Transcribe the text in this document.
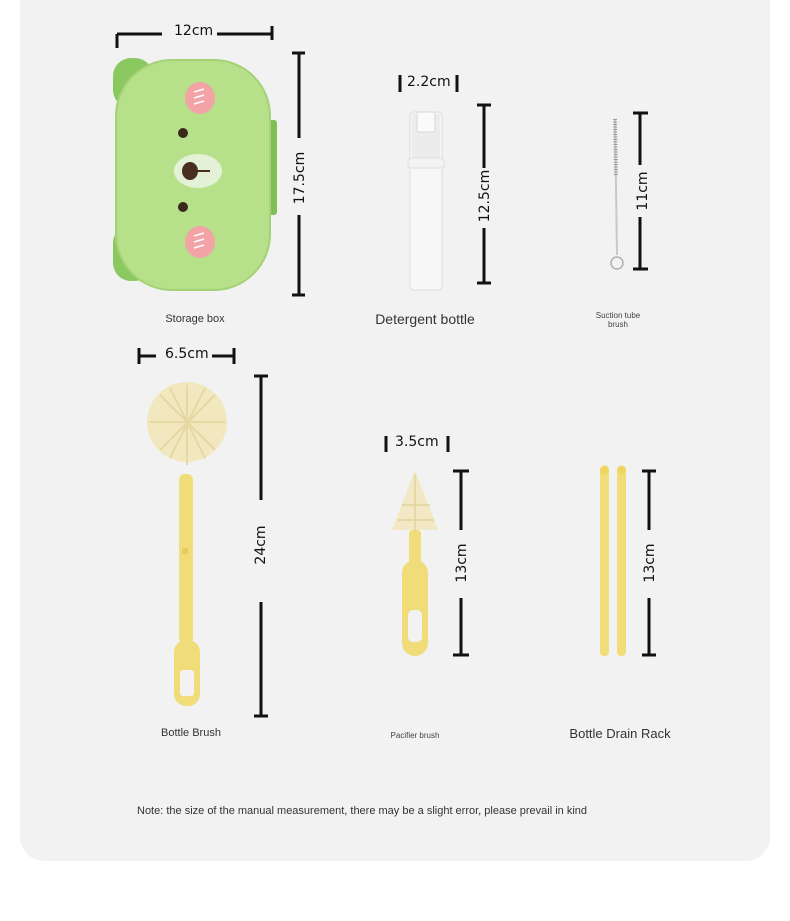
12cm
17.5cm
Storage box
2.2cm
12.5cm
Detergent bottle
11cm
Suction tube
brush
6.5cm
24cm
Bottle Brush
3.5cm
13cm
Pacifier brush
13cm
Bottle Drain Rack
Note: the size of the manual measurement, there may be a slight error, please prevail in kind
